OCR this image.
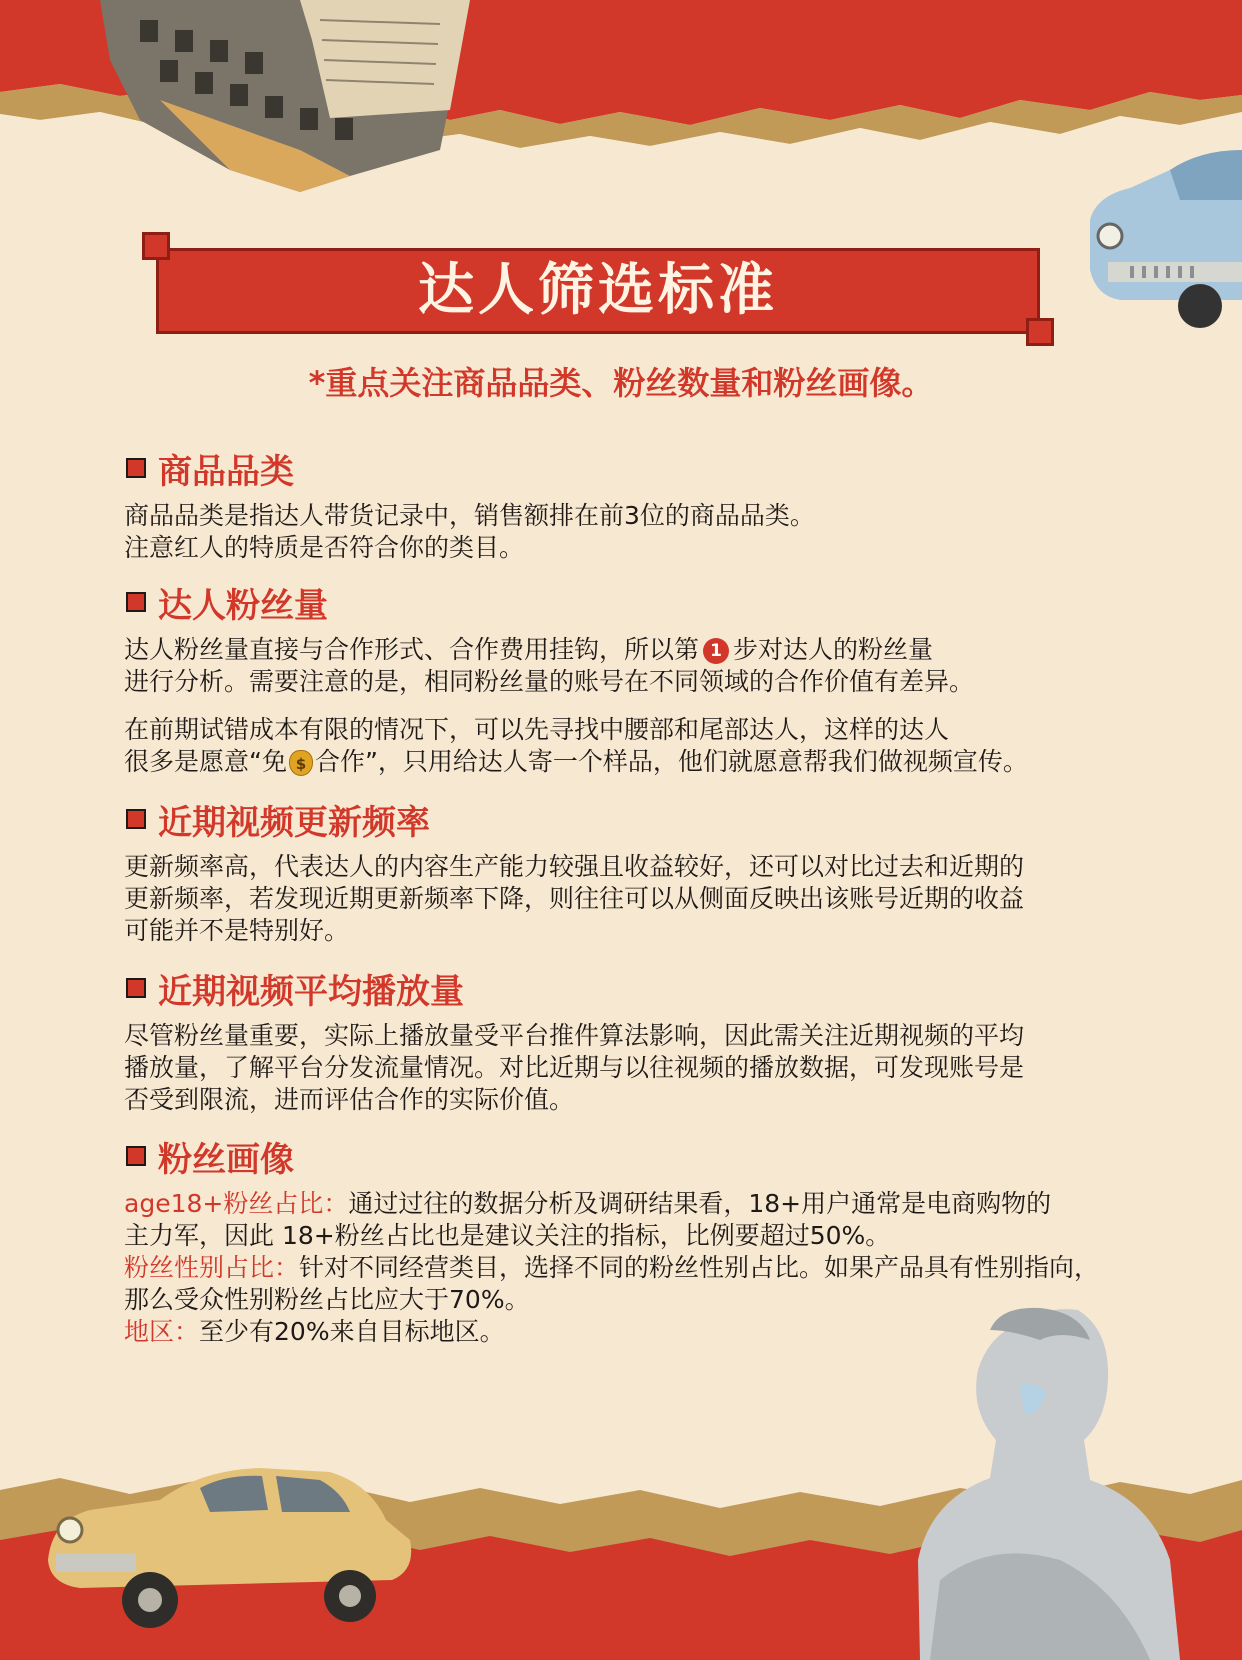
达人筛选标准
*重点关注商品品类、粉丝数量和粉丝画像。
商品品类
商品品类是指达人带货记录中，销售额排在前3位的商品品类。
注意红人的特质是否符合你的类目。
达人粉丝量
达人粉丝量直接与合作形式、合作费用挂钩，所以第 1 步对达人的粉丝量
进行分析。需要注意的是，相同粉丝量的账号在不同领域的合作价值有差异。
在前期试错成本有限的情况下，可以先寻找中腰部和尾部达人，这样的达人
很多是愿意“免 $ 合作”，只用给达人寄一个样品，他们就愿意帮我们做视频宣传。
近期视频更新频率
更新频率高，代表达人的内容生产能力较强且收益较好，还可以对比过去和近期的
更新频率，若发现近期更新频率下降，则往往可以从侧面反映出该账号近期的收益
可能并不是特别好。
近期视频平均播放量
尽管粉丝量重要，实际上播放量受平台推件算法影响，因此需关注近期视频的平均
播放量，了解平台分发流量情况。对比近期与以往视频的播放数据，可发现账号是
否受到限流，进而评估合作的实际价值。
粉丝画像
age18+粉丝占比：通过过往的数据分析及调研结果看，18+用户通常是电商购物的
主力军，因此 18+粉丝占比也是建议关注的指标，比例要超过50%。
粉丝性别占比：针对不同经营类目，选择不同的粉丝性别占比。如果产品具有性别指向，
那么受众性别粉丝占比应大于70%。
地区：至少有20%来自目标地区。
